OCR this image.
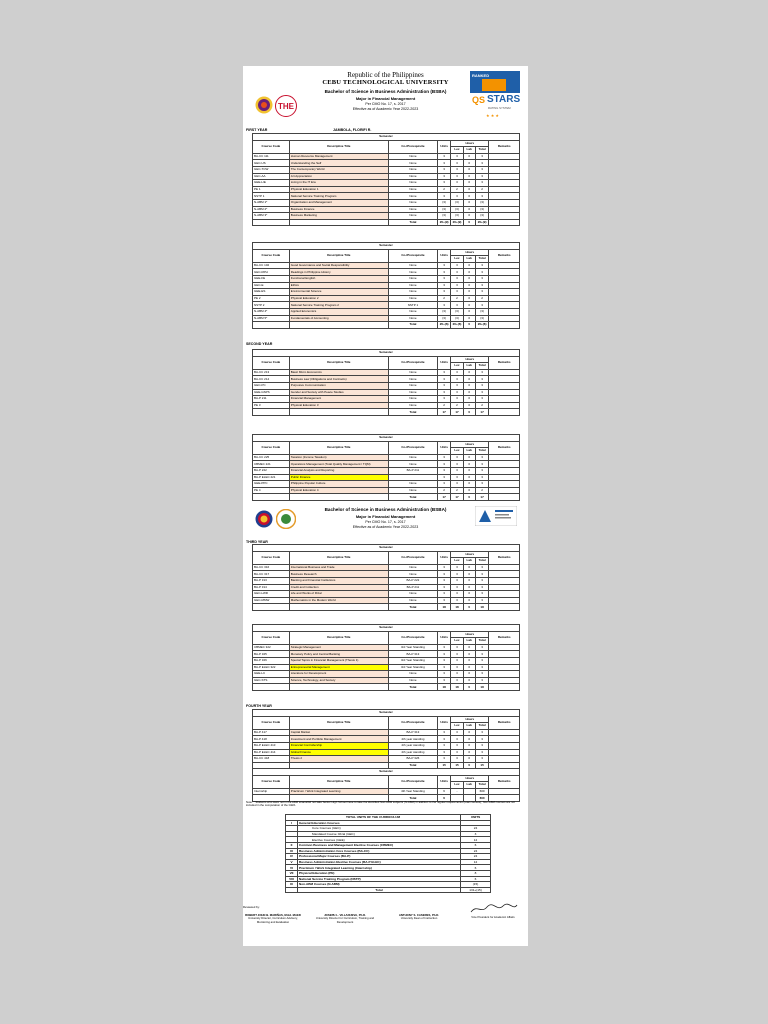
THE
Republic of the Philippines
CEBU TECHNOLOGICAL UNIVERSITY
Bachelor of Science in Business Administration (BSBA)
Major in Financial Management
Per CMO No. 17, s. 2017
Effective as of Academic Year 2022-2023
RANKED
QS STARS
RATING SYSTEM
★ ★ ★
FIRST YEAR	JAMBOLA, FLORIFI R.
Semester							
Course Code	Descriptive Title	Co-/Prerequisite	Units	Hours			Remarks
				Lec	Lab	Total	
BA-CC 111	Human Resource Management	None	3	3	0	3	
GEC-US	Understanding the Self	None	3	3	0	3	
GEC-TCW	The Contemporary World	None	3	3	0	3	
GEC-AA	Art Appreciation	None	3	3	0	3	
GEE-LIE	Living in the IT Era	None	3	3	0	3	
PE 1	Physical Education 1	None	2	2	0	2	
NSTP 1	National Service Training Program	None	3	3	0	3	
N-ABM 1*	Organization and Management	None	(3)	(3)	0	(3)	
N-ABM 2*	Business Finance	None	(3)	(3)	0	(3)	
N-ABM 3*	Business Marketing	None	(3)	(3)	0	(3)	
		Total	20+(9)	20+(9)	0	20+(9)	
Semester							
Course Code	Descriptive Title	Co-/Prerequisite	Units	Hours			Remarks
				Lec	Lab	Total	
BA-CC 102	Good Governance and Social Responsibility	None	3	3	0	3	
GEC-RPH	Readings in Philippine History	None	3	3	0	3	
GEE-FE	Functional English	None	3	3	0	3	
GEC-E	Ethics	None	3	3	0	3	
GEE-ES	Environmental Science	None	3	3	0	3	
PE 2	Physical Education 2	None	2	2	0	2	
NSTP 2	National Service Training Program 2	NSTP 1	3	3	0	3	
N-ABM 4*	Applied Economics	None	(3)	(3)	0	(3)	
N-ABM 5*	Fundamentals of Accounting	None	(3)	(3)	0	(3)	
		Total	20+(6)	20+(6)	0	20+(6)	
SECOND YEAR
Semester							
Course Code	Descriptive Title	Co-/Prerequisite	Units	Hours			Remarks
				Lec	Lab	Total	
BA-CC 213	Basic Micro Economics	None	3	3	0	3	
BA-CC 214	Business Law (Obligations and Contracts)	None	3	3	0	3	
GEC-PC	Purposive Communication	None	3	3	0	3	
GEE-GSPS	Gender and Society with Peace Studies	None	3	3	0	3	
BA-P 211	Financial Management	None	3	3	0	3	
PE 3	Physical Education 3	None	2	2	0	2	
		Total	17	17	0	17	
Semester							
Course Code	Descriptive Title	Co-/Prerequisite	Units	Hours			Remarks
				Lec	Lab	Total	
BA-CC 225	Taxation (Income Taxation)	None	3	3	0	3	
CBMEC 221	Operations Management (Total Quality Management / TQM)	None	3	3	0	3	
BA-P 222	Financial Analysis and Reporting	BA-P 211	3	3	0	3	
BA-P ELEC 221	Public Finance		3	3	0	3	
GEE-PPC	Philippine Popular Culture	None	3	3	0	3	
PE 4	Physical Education 4	None	2	2	0	2	
		Total	17	17	0	17	
Bachelor of Science in Business Administration (BSBA)
Major in Financial Management
Per CMO No. 17, s. 2017
Effective as of Academic Year 2022-2023
THIRD YEAR
Semester							
Course Code	Descriptive Title	Co-/Prerequisite	Units	Hours			Remarks
				Lec	Lab	Total	
BA-CC 316	International Business and Trade	None	3	3	0	3	
BA-CC 317	Business Research	None	3	3	0	3	
BA-P 313	Banking and Financial Institutions	BA-P 222	3	3	0	3	
BA-P 314	Credit and Collection	BA-P 211	3	3	0	3	
GEC-LWR	Life and Works of Rizal	None	3	3	0	3	
GEC-MMW	Mathematics in the Modern World	None	3	3	0	3	
		Total	18	18	0	18	
Semester							
Course Code	Descriptive Title	Co-/Prerequisite	Units	Hours			Remarks
				Lec	Lab	Total	
CBMEC 322	Strategic Management	3rd Year Standing	3	3	0	3	
BA-P 325	Monetary Policy and Central Banking	BA-P 313	3	3	0	3	
BA-P 326	Special Topics in Financial Management (Thesis 1)	3rd Year Standing	3	3	0	3	
BA-P ELEC 322	Entrepreneurial Management	3rd Year Standing	3	3	0	3	
GEE-LC	Literature for Development	None	3	3	0	3	
GEC-STS	Science, Technology, and Society	None	3	3	0	3	
		Total	18	18	0	18	
FOURTH YEAR
Semester							
Course Code	Descriptive Title	Co-/Prerequisite	Units	Hours			Remarks
				Lec	Lab	Total	
BA-P 417	Capital Market	BA-P 313	3	3	0	3	
BA-P 418	Investment and Portfolio Management	4th year standing	3	3	0	3	
BA-P ELEC 413	Financial Controllership	4th year standing	3	3	0	3	
BA-P ELEC 414	Global Finance	4th year standing	3	3	0	3	
BA-CC 418	Thesis 2	BA-P 326	3	3	0	3	
		Total	15	15	0	15	
Semester							
Course Code	Descriptive Title	Co-/Prerequisite	Units	Hours			Remarks
				Lec	Lab	Total	
Internship	Practicum / Work Integrated Learning	4th Year Standing	6	-		600	
		Total	6			600	
Note: * Students who were not in the ABM strand/did not take Senior High School have to take the identified Non-ABM subjects (N-ABM) in addition to the regular requirements (total courses); Non-ABM courses are not included in the computation of the GWA.
TOTAL UNITS OF THE CURRICULUM		UNITS
I	General Education Courses	
	Core Courses (GEC)	24
	Mandated Course: Rizal (GEC)	3
	Elective Courses (GEE)	12
II	Common Business and Management Elective Courses (CBMEC)	6
III	Business Administration Core Courses (BA-CC)	24
IV	Professional Major Courses (BA-P)	24
V	Business Administration Elective Courses (BA-P ELEC)	12
VI	Practicum / Work Integrated Learning (Internship)	6
VII	Physical Education (PE)	8
VIII	National Service Training Program (NSTP)	6
IX	Non-ABM Courses (N-ABM)	(15)
	Total	131+(15)
Reviewed by:
ROBERT JOHN B. MARIÑAS, M.Ed. MAED
University Director, Curriculum Advisory, Monitoring and Evaluation
JOSEPH L. VILLANUEVA, Ph.D.
University Director for Curriculum, Training and Development
ANTHONY S. CASERES, Ph.D.
University Dean of Instruction	Vice President for Academic Affairs
